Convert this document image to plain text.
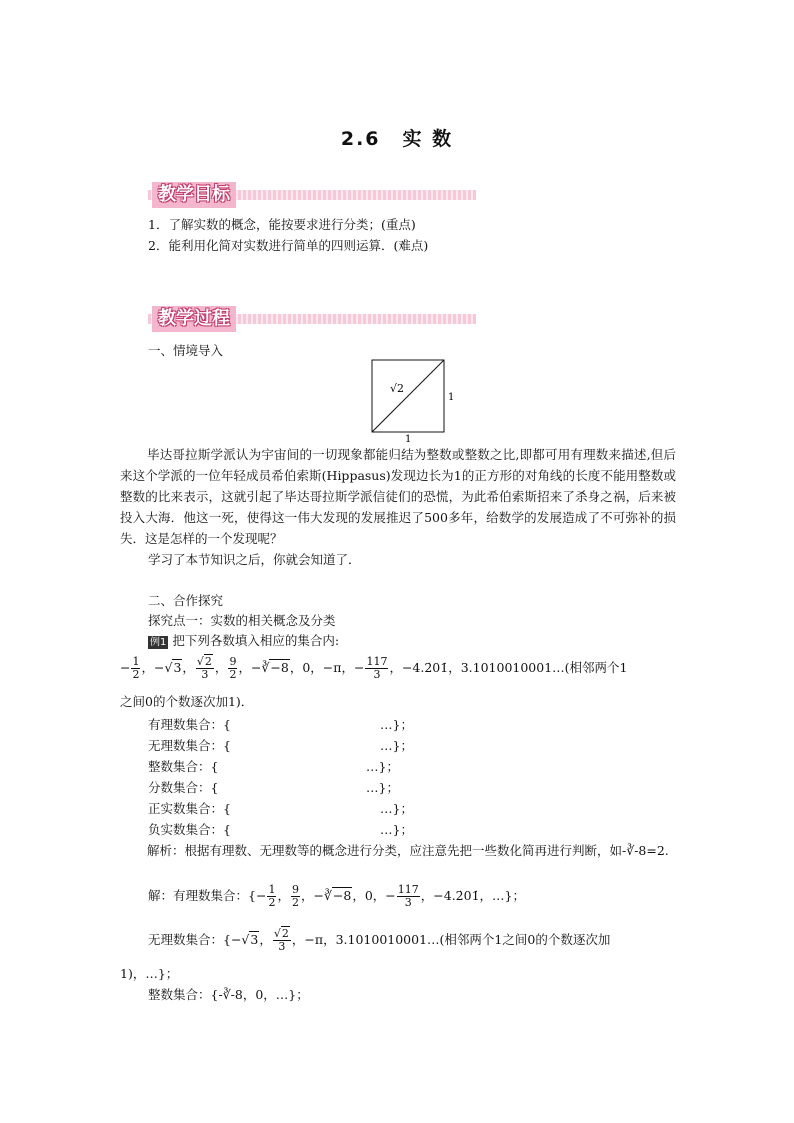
2.6 实 数
教学目标
1．了解实数的概念，能按要求进行分类；(重点)
2．能利用化简对实数进行简单的四则运算．(难点)
教学过程
一、情境导入
√2
1
1
毕达哥拉斯学派认为宇宙间的一切现象都能归结为整数或整数之比,即都可用有理数来描述,但后来这个学派的一位年轻成员希伯索斯(Hippasus)发现边长为1的正方形的对角线的长度不能用整数或整数的比来表示，这就引起了毕达哥拉斯学派信徒们的恐慌，为此希伯索斯招来了杀身之祸，后来被投入大海．他这一死，使得这一伟大发现的发展推迟了500多年，给数学的发展造成了不可弥补的损失．这是怎样的一个发现呢？
学习了本节知识之后，你就会知道了．
二、合作探究
探究点一：实数的相关概念及分类
例1 把下列各数填入相应的集合内:
− $\frac{1}{2}$ ，−√3， $\frac{√2}{3}$ ， $\frac{9}{2}$ ，−∛−8，0，−π，− $\frac{117}{3}$ ，−4.2̇01̇，3.1010010001…(相邻两个1
之间0的个数逐次加1)．
有理数集合：{	…}；
无理数集合：{	…}；
整数集合：{	…}；
分数集合：{	…}；
正实数集合：{	…}；
负实数集合：{	…}；
解析：根据有理数、无理数等的概念进行分类，应注意先把一些数化简再进行判断，如-∛-8=2.
解：有理数集合：{− $\frac{1}{2}$ ， $\frac{9}{2}$ ，−∛−8，0，− $\frac{117}{3}$ ，−4.2̇01̇，…}；
无理数集合：{−√3， $\frac{√2}{3}$ ，−π，3.1010010001…(相邻两个1之间0的个数逐次加
1)，…}；
整数集合：{-∛-8，0，…}；
